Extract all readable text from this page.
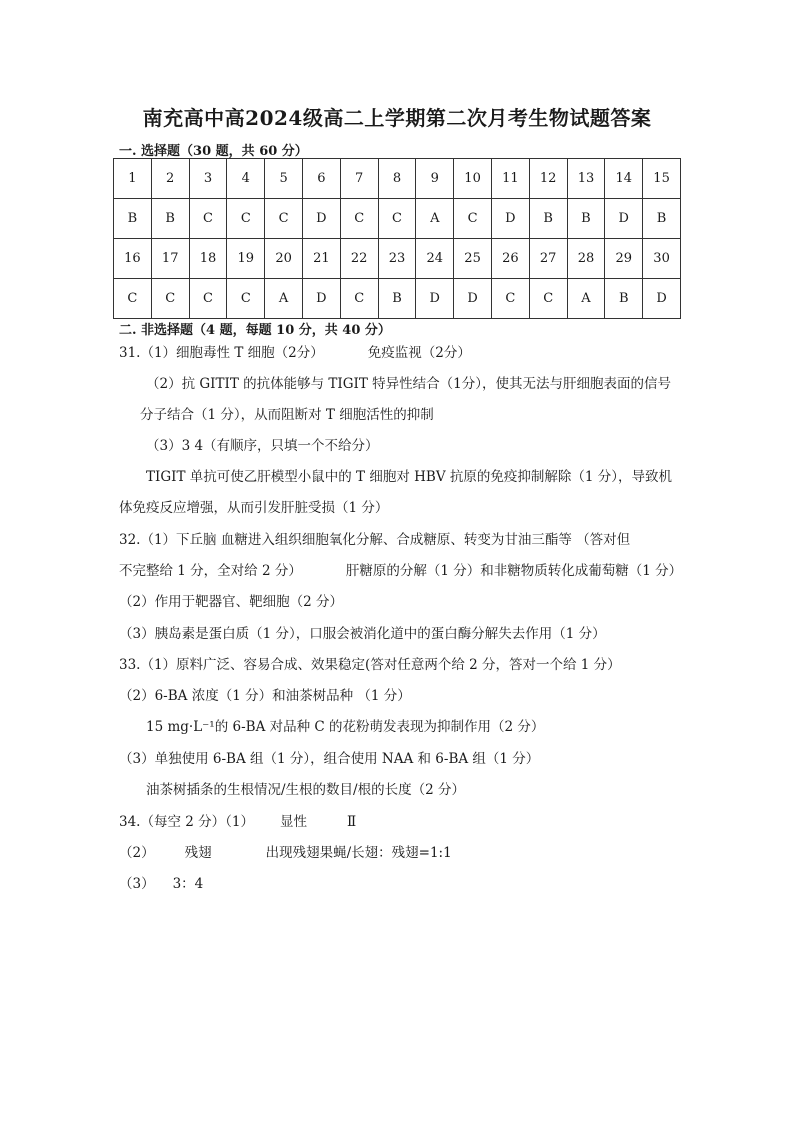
南充高中高2024级高二上学期第二次月考生物试题答案
一. 选择题（30 题，共 60 分）
1	2	3	4	5	6	7	8	9	10	11	12	13	14	15
B	B	C	C	C	D	C	C	A	C	D	B	B	D	B
16	17	18	19	20	21	22	23	24	25	26	27	28	29	30
C	C	C	C	A	D	C	B	D	D	C	C	A	B	D
二. 非选择题（4 题，每题 10 分，共 40 分）
31.（1）细胞毒性 T 细胞（2分）	免疫监视（2分）
（2）抗 GITIT 的抗体能够与 TIGIT 特异性结合（1分），使其无法与肝细胞表面的信号
分子结合（1 分），从而阻断对 T 细胞活性的抑制
（3）3 4（有顺序，只填一个不给分）
TIGIT 单抗可使乙肝模型小鼠中的 T 细胞对 HBV 抗原的免疫抑制解除（1 分），导致机
体免疫反应增强，从而引发肝脏受损（1 分）
32.（1）下丘脑 血糖进入组织细胞氧化分解、合成糖原、转变为甘油三酯等 （答对但
不完整给 1 分，全对给 2 分）	肝糖原的分解（1 分）和非糖物质转化成葡萄糖（1 分）
（2）作用于靶器官、靶细胞（2 分）
（3）胰岛素是蛋白质（1 分），口服会被消化道中的蛋白酶分解失去作用（1 分）
33.（1）原料广泛、容易合成、效果稳定(答对任意两个给 2 分，答对一个给 1 分）
（2）6-BA 浓度（1 分）和油茶树品种 （1 分）
15 mg·L⁻¹的 6-BA 对品种 C 的花粉萌发表现为抑制作用（2 分）
（3）单独使用 6-BA 组（1 分），组合使用 NAA 和 6-BA 组（1 分）
油茶树插条的生根情况/生根的数目/根的长度（2 分）
34.（每空 2 分）（1） 显性	Ⅱ
（2） 残翅	出现残翅果蝇/长翅：残翅=1:1
（3） 3：4
